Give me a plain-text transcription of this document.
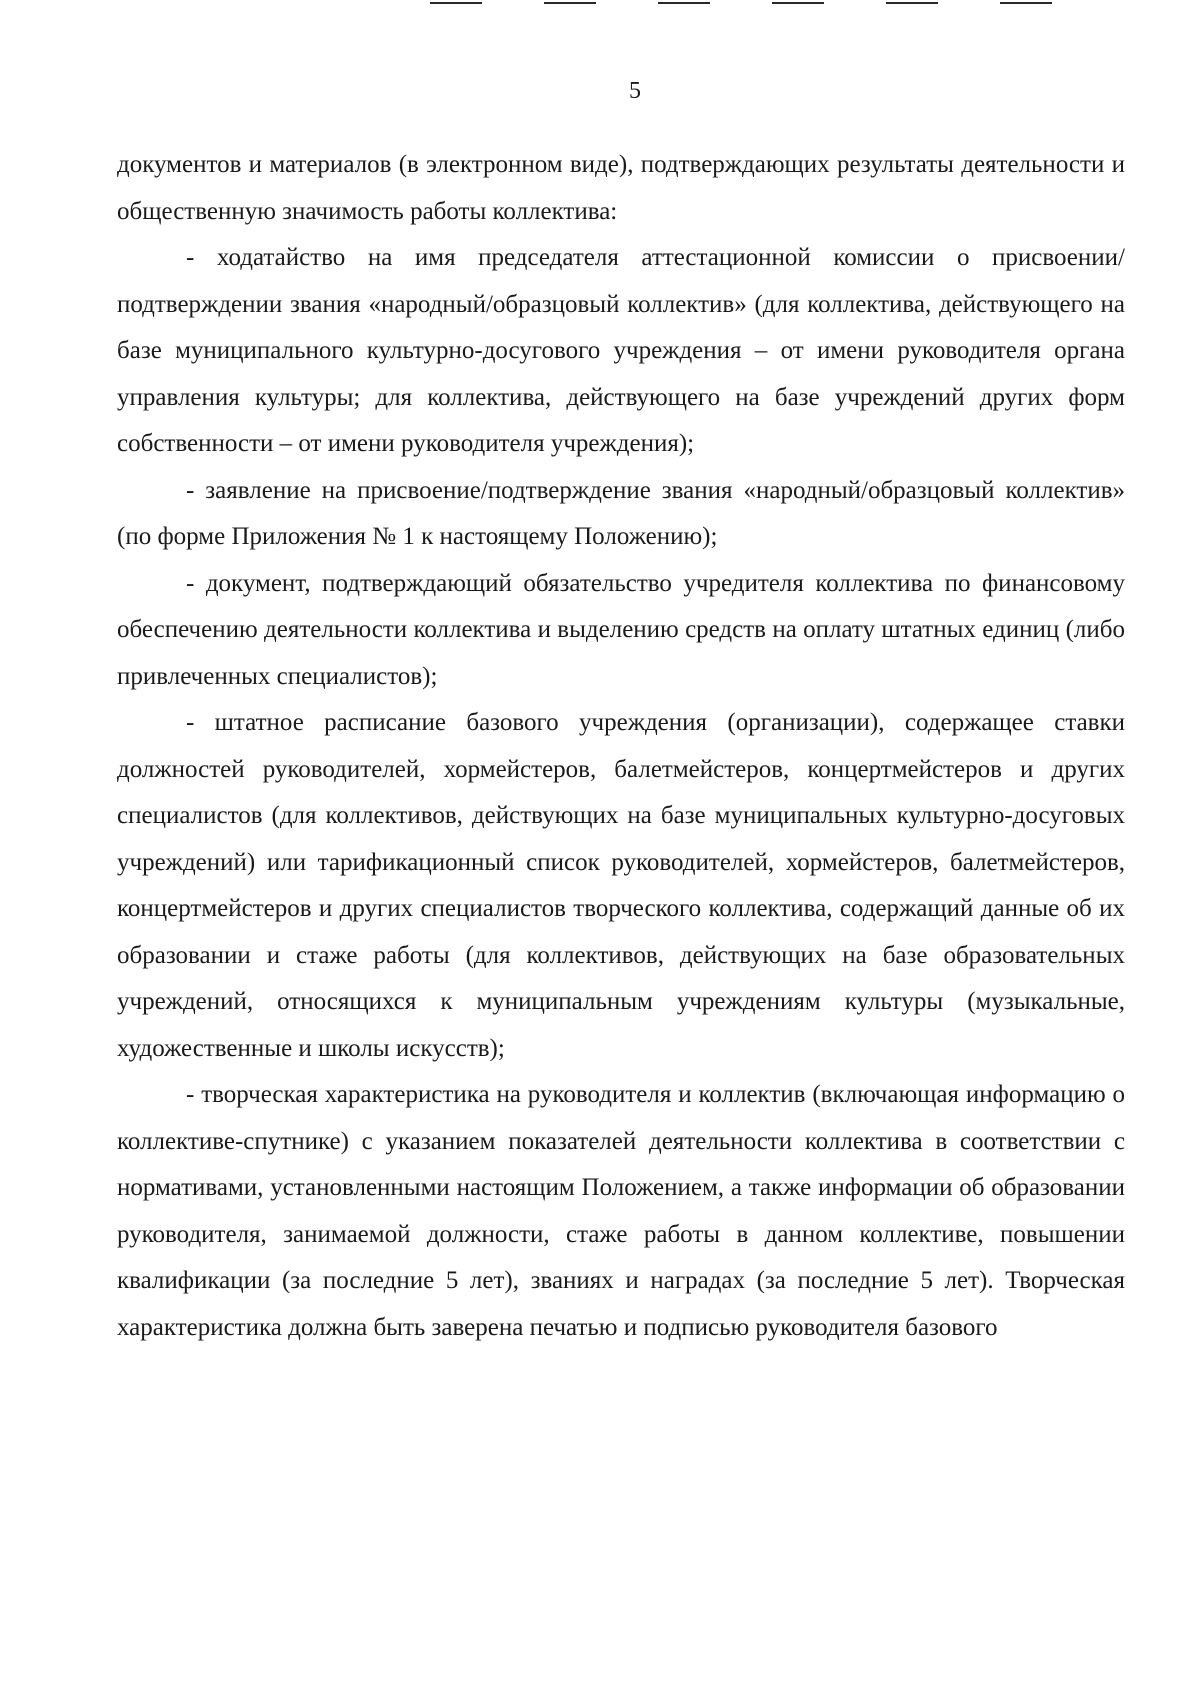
5

документов и материалов (в электронном виде), подтверждающих результаты деятельности и общественную значимость работы коллектива:

- ходатайство на имя председателя аттестационной комиссии о присвоении/подтверждении звания «народный/образцовый коллектив» (для коллектива, действующего на базе муниципального культурно-досугового учреждения – от имени руководителя органа управления культуры; для коллектива, действующего на базе учреждений других форм собственности – от имени руководителя учреждения);

- заявление на присвоение/подтверждение звания «народный/образцовый коллектив» (по форме Приложения № 1 к настоящему Положению);

- документ, подтверждающий обязательство учредителя коллектива по финансовому обеспечению деятельности коллектива и выделению средств на оплату штатных единиц (либо привлеченных специалистов);

- штатное расписание базового учреждения (организации), содержащее ставки должностей руководителей, хормейстеров, балетмейстеров, концертмейстеров и других специалистов (для коллективов, действующих на базе муниципальных культурно-досуговых учреждений) или тарификационный список руководителей, хормейстеров, балетмейстеров, концертмейстеров и других специалистов творческого коллектива, содержащий данные об их образовании и стаже работы (для коллективов, действующих на базе образовательных учреждений, относящихся к муниципальным учреждениям культуры (музыкальные, художественные и школы искусств);

- творческая характеристика на руководителя и коллектив (включающая информацию о коллективе-спутнике) с указанием показателей деятельности коллектива в соответствии с нормативами, установленными настоящим Положением, а также информации об образовании руководителя, занимаемой должности, стаже работы в данном коллективе, повышении квалификации (за последние 5 лет), званиях и наградах (за последние 5 лет). Творческая характеристика должна быть заверена печатью и подписью руководителя базового
